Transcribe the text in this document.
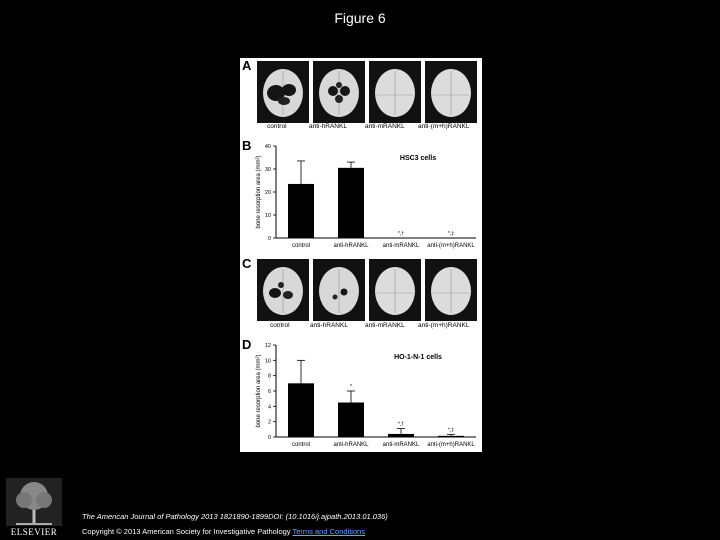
Figure 6
A
control	anti-hRANKL	anti-mRANKL anti-(m+h)RANKL
B
0
10
20
30
40
bone resorption area (mm²)	HSC3 cells
control	anti-hRANKL
*,†
anti-mRANKL
*,‡
anti-(m+h)RANKL
C
control	anti-hRANKL	anti-mRANKL anti-(m+h)RANKL
D
0
2
4
6
8
10
12
bone resorption area (mm²)	HO-1-N-1 cells
control
*
anti-hRANKL
*,†
anti-mRANKL
*,‡
anti-(m+h)RANKL
ELSEVIER
The American Journal of Pathology 2013 1821890-1899DOI: (10.1016/j.ajpath.2013.01.036)
Copyright © 2013 American Society for Investigative Pathology Terms and Conditions
